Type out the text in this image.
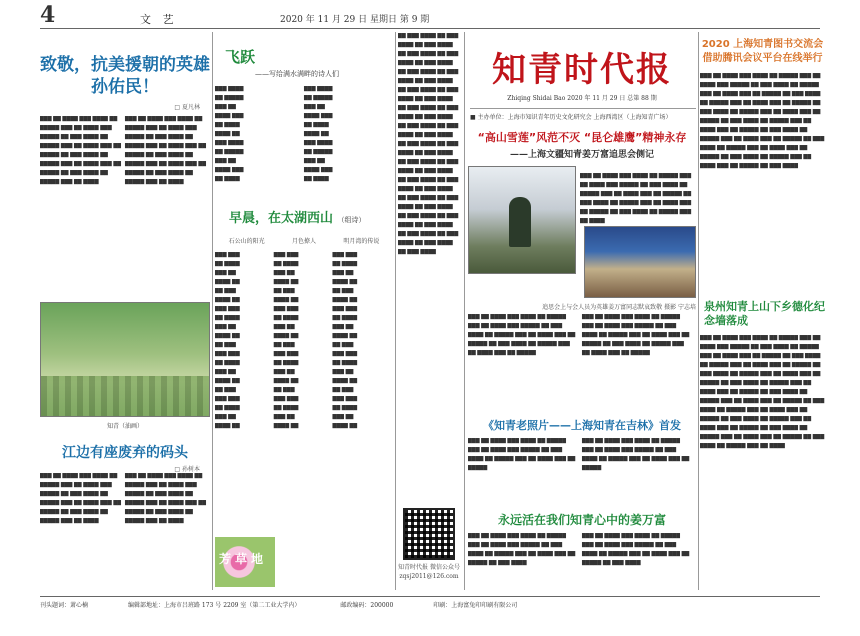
4	文 艺	2020 年 11 月 29 日 星期日 第 9 期
致敬，抗美援朝的英雄孙佑民！
□ 夏凡林
▇▇▇ ▇▇ ▇▇▇▇ ▇▇▇ ▇▇▇▇ ▇▇ ▇▇▇▇▇ ▇▇▇ ▇▇ ▇▇▇▇ ▇▇▇ ▇▇▇▇▇ ▇▇ ▇▇▇ ▇▇▇▇ ▇▇ ▇▇▇▇▇ ▇▇▇ ▇▇ ▇▇▇▇ ▇▇▇ ▇▇ ▇▇▇▇▇ ▇▇ ▇▇▇ ▇▇▇▇ ▇▇ ▇▇▇▇▇ ▇▇▇ ▇▇ ▇▇▇▇ ▇▇▇ ▇▇ ▇▇▇▇▇ ▇▇ ▇▇▇ ▇▇▇▇ ▇▇ ▇▇▇▇▇ ▇▇▇ ▇▇ ▇▇▇▇
▇▇▇ ▇▇ ▇▇▇▇ ▇▇▇ ▇▇▇▇ ▇▇ ▇▇▇▇▇ ▇▇▇ ▇▇ ▇▇▇▇ ▇▇▇ ▇▇▇▇▇ ▇▇ ▇▇▇ ▇▇▇▇ ▇▇ ▇▇▇▇▇ ▇▇▇ ▇▇ ▇▇▇▇ ▇▇▇ ▇▇ ▇▇▇▇▇ ▇▇ ▇▇▇ ▇▇▇▇ ▇▇ ▇▇▇▇▇ ▇▇▇ ▇▇ ▇▇▇▇ ▇▇▇ ▇▇ ▇▇▇▇▇ ▇▇ ▇▇▇ ▇▇▇▇ ▇▇ ▇▇▇▇▇ ▇▇▇ ▇▇ ▇▇▇▇
知青（油画）
江边有座废弃的码头
□ 孙树本
▇▇▇ ▇▇ ▇▇▇▇ ▇▇▇ ▇▇▇▇ ▇▇ ▇▇▇▇▇ ▇▇▇ ▇▇ ▇▇▇▇ ▇▇▇ ▇▇▇▇▇ ▇▇ ▇▇▇ ▇▇▇▇ ▇▇ ▇▇▇▇▇ ▇▇▇ ▇▇ ▇▇▇▇ ▇▇▇ ▇▇ ▇▇▇▇▇ ▇▇ ▇▇▇ ▇▇▇▇ ▇▇ ▇▇▇▇▇ ▇▇▇ ▇▇ ▇▇▇▇
▇▇▇ ▇▇ ▇▇▇▇ ▇▇▇ ▇▇▇▇ ▇▇ ▇▇▇▇▇ ▇▇▇ ▇▇ ▇▇▇▇ ▇▇▇ ▇▇▇▇▇ ▇▇ ▇▇▇ ▇▇▇▇ ▇▇ ▇▇▇▇▇ ▇▇▇ ▇▇ ▇▇▇▇ ▇▇▇ ▇▇ ▇▇▇▇▇ ▇▇ ▇▇▇ ▇▇▇▇ ▇▇ ▇▇▇▇▇ ▇▇▇ ▇▇ ▇▇▇▇
飞跃
——写给满水满畔的诗人们
▇▇▇ ▇▇▇▇
▇▇ ▇▇▇▇▇
▇▇▇ ▇▇
▇▇▇▇ ▇▇▇
▇▇ ▇▇▇▇
▇▇▇▇ ▇▇
▇▇▇ ▇▇▇▇
▇▇ ▇▇▇▇▇
▇▇▇ ▇▇
▇▇▇▇ ▇▇▇
▇▇ ▇▇▇▇
▇▇▇ ▇▇▇▇
▇▇ ▇▇▇▇▇
▇▇▇ ▇▇
▇▇▇▇ ▇▇▇
▇▇ ▇▇▇▇
▇▇▇▇ ▇▇
▇▇▇ ▇▇▇▇
▇▇ ▇▇▇▇▇
▇▇▇ ▇▇
▇▇▇▇ ▇▇▇
▇▇ ▇▇▇▇
早晨，在太湖西山 （组诗）
石公山的阳光	月色撩人	明月湾的传说
▇▇▇ ▇▇▇
▇▇ ▇▇▇▇
▇▇▇ ▇▇
▇▇▇▇ ▇▇
▇▇ ▇▇▇
▇▇▇▇ ▇▇
▇▇▇ ▇▇▇
▇▇ ▇▇▇▇
▇▇▇ ▇▇
▇▇▇▇ ▇▇
▇▇ ▇▇▇
▇▇▇ ▇▇▇
▇▇ ▇▇▇▇
▇▇▇ ▇▇
▇▇▇▇ ▇▇
▇▇ ▇▇▇
▇▇▇ ▇▇▇
▇▇ ▇▇▇▇
▇▇▇ ▇▇
▇▇▇▇ ▇▇
▇▇▇ ▇▇▇
▇▇ ▇▇▇▇
▇▇▇ ▇▇
▇▇▇▇ ▇▇
▇▇ ▇▇▇
▇▇▇▇ ▇▇
▇▇▇ ▇▇▇
▇▇ ▇▇▇▇
▇▇▇ ▇▇
▇▇▇▇ ▇▇
▇▇ ▇▇▇
▇▇▇ ▇▇▇
▇▇ ▇▇▇▇
▇▇▇ ▇▇
▇▇▇▇ ▇▇
▇▇ ▇▇▇
▇▇▇ ▇▇▇
▇▇ ▇▇▇▇
▇▇▇ ▇▇
▇▇▇▇ ▇▇
▇▇▇ ▇▇▇
▇▇ ▇▇▇▇
▇▇▇ ▇▇
▇▇▇▇ ▇▇
▇▇ ▇▇▇
▇▇▇▇ ▇▇
▇▇▇ ▇▇▇
▇▇ ▇▇▇▇
▇▇▇ ▇▇
▇▇▇▇ ▇▇
▇▇ ▇▇▇
▇▇▇ ▇▇▇
▇▇ ▇▇▇▇
▇▇▇ ▇▇
▇▇▇▇ ▇▇
▇▇ ▇▇▇
▇▇▇ ▇▇▇
▇▇ ▇▇▇▇
▇▇▇ ▇▇
▇▇▇▇ ▇▇
芳草地
▇▇ ▇▇▇ ▇▇▇▇ ▇▇ ▇▇▇ ▇▇▇▇ ▇▇ ▇▇▇ ▇▇▇▇ ▇▇ ▇▇▇ ▇▇▇▇ ▇▇ ▇▇▇ ▇▇▇▇ ▇▇ ▇▇▇ ▇▇▇▇ ▇▇ ▇▇▇ ▇▇▇▇ ▇▇ ▇▇▇ ▇▇▇▇ ▇▇ ▇▇▇ ▇▇▇▇ ▇▇ ▇▇▇ ▇▇▇▇ ▇▇ ▇▇▇ ▇▇▇▇ ▇▇ ▇▇▇ ▇▇▇▇ ▇▇ ▇▇▇ ▇▇▇▇ ▇▇ ▇▇▇ ▇▇▇▇ ▇▇ ▇▇▇ ▇▇▇▇ ▇▇ ▇▇▇ ▇▇▇▇ ▇▇ ▇▇▇ ▇▇▇▇ ▇▇ ▇▇▇ ▇▇▇▇ ▇▇ ▇▇▇ ▇▇▇▇ ▇▇ ▇▇▇ ▇▇▇▇ ▇▇ ▇▇▇ ▇▇▇▇ ▇▇ ▇▇▇ ▇▇▇▇ ▇▇ ▇▇▇ ▇▇▇▇ ▇▇ ▇▇▇ ▇▇▇▇ ▇▇ ▇▇▇ ▇▇▇▇ ▇▇ ▇▇▇ ▇▇▇▇ ▇▇ ▇▇▇ ▇▇▇▇ ▇▇ ▇▇▇ ▇▇▇▇ ▇▇ ▇▇▇ ▇▇▇▇ ▇▇ ▇▇▇ ▇▇▇▇ ▇▇ ▇▇▇ ▇▇▇▇ ▇▇ ▇▇▇ ▇▇▇▇ ▇▇ ▇▇▇ ▇▇▇▇ ▇▇ ▇▇▇ ▇▇▇▇ ▇▇ ▇▇▇ ▇▇▇▇ ▇▇ ▇▇▇ ▇▇▇▇ ▇▇ ▇▇▇ ▇▇▇▇
知青时代报 微信公众号
zqsj2011@126.com
知青时代报
Zhiqing Shidai Bao 2020 年 11 月 29 日 总第 88 期
■ 主办单位：上海市知识青年历史文化研究会 上海西湾区（上海知青广场）
“高山雪莲”风范不灭 “昆仑雄鹰”精神永存
——上海文疆知青姜万富追思会侧记
▇▇▇ ▇▇ ▇▇▇▇ ▇▇▇ ▇▇▇▇ ▇▇ ▇▇▇▇▇ ▇▇▇ ▇▇ ▇▇▇▇ ▇▇▇ ▇▇▇▇▇ ▇▇ ▇▇▇ ▇▇▇▇ ▇▇ ▇▇▇▇▇ ▇▇▇ ▇▇ ▇▇▇▇ ▇▇▇ ▇▇ ▇▇▇▇▇ ▇▇ ▇▇▇ ▇▇▇▇ ▇▇ ▇▇▇▇▇ ▇▇▇ ▇▇ ▇▇▇▇ ▇▇▇ ▇▇ ▇▇▇▇▇ ▇▇ ▇▇▇ ▇▇▇▇ ▇▇ ▇▇▇▇▇ ▇▇▇ ▇▇ ▇▇▇▇
追思会上与会人员为英雄姜万富同志默哀致敬 摄影 宁志培
▇▇▇ ▇▇ ▇▇▇▇ ▇▇▇ ▇▇▇▇ ▇▇ ▇▇▇▇▇ ▇▇▇ ▇▇ ▇▇▇▇ ▇▇▇ ▇▇▇▇▇ ▇▇ ▇▇▇ ▇▇▇▇ ▇▇ ▇▇▇▇▇ ▇▇▇ ▇▇ ▇▇▇▇ ▇▇▇ ▇▇ ▇▇▇▇▇ ▇▇ ▇▇▇ ▇▇▇▇ ▇▇ ▇▇▇▇▇ ▇▇▇ ▇▇ ▇▇▇▇ ▇▇▇ ▇▇ ▇▇▇▇▇
▇▇▇ ▇▇ ▇▇▇▇ ▇▇▇ ▇▇▇▇ ▇▇ ▇▇▇▇▇ ▇▇▇ ▇▇ ▇▇▇▇ ▇▇▇ ▇▇▇▇▇ ▇▇ ▇▇▇ ▇▇▇▇ ▇▇ ▇▇▇▇▇ ▇▇▇ ▇▇ ▇▇▇▇ ▇▇▇ ▇▇ ▇▇▇▇▇ ▇▇ ▇▇▇ ▇▇▇▇ ▇▇ ▇▇▇▇▇ ▇▇▇ ▇▇ ▇▇▇▇ ▇▇▇ ▇▇ ▇▇▇▇▇
《知青老照片——上海知青在吉林》首发
▇▇▇ ▇▇ ▇▇▇▇ ▇▇▇ ▇▇▇▇ ▇▇ ▇▇▇▇▇ ▇▇▇ ▇▇ ▇▇▇▇ ▇▇▇ ▇▇▇▇▇ ▇▇ ▇▇▇ ▇▇▇▇ ▇▇ ▇▇▇▇▇ ▇▇▇ ▇▇ ▇▇▇▇ ▇▇▇ ▇▇ ▇▇▇▇▇
▇▇▇ ▇▇ ▇▇▇▇ ▇▇▇ ▇▇▇▇ ▇▇ ▇▇▇▇▇ ▇▇▇ ▇▇ ▇▇▇▇ ▇▇▇ ▇▇▇▇▇ ▇▇ ▇▇▇ ▇▇▇▇ ▇▇ ▇▇▇▇▇ ▇▇▇ ▇▇ ▇▇▇▇ ▇▇▇ ▇▇ ▇▇▇▇▇
永远活在我们知青心中的姜万富
▇▇▇ ▇▇ ▇▇▇▇ ▇▇▇ ▇▇▇▇ ▇▇ ▇▇▇▇▇ ▇▇▇ ▇▇ ▇▇▇▇ ▇▇▇ ▇▇▇▇▇ ▇▇ ▇▇▇ ▇▇▇▇ ▇▇ ▇▇▇▇▇ ▇▇▇ ▇▇ ▇▇▇▇ ▇▇▇ ▇▇ ▇▇▇▇▇ ▇▇ ▇▇▇ ▇▇▇▇
▇▇▇ ▇▇ ▇▇▇▇ ▇▇▇ ▇▇▇▇ ▇▇ ▇▇▇▇▇ ▇▇▇ ▇▇ ▇▇▇▇ ▇▇▇ ▇▇▇▇▇ ▇▇ ▇▇▇ ▇▇▇▇ ▇▇ ▇▇▇▇▇ ▇▇▇ ▇▇ ▇▇▇▇ ▇▇▇ ▇▇ ▇▇▇▇▇ ▇▇ ▇▇▇ ▇▇▇▇
2020 上海知青图书交流会借助腾讯会议平台在线举行
▇▇▇ ▇▇ ▇▇▇▇ ▇▇▇ ▇▇▇▇ ▇▇ ▇▇▇▇▇ ▇▇▇ ▇▇ ▇▇▇▇ ▇▇▇ ▇▇▇▇▇ ▇▇ ▇▇▇ ▇▇▇▇ ▇▇ ▇▇▇▇▇ ▇▇▇ ▇▇ ▇▇▇▇ ▇▇▇ ▇▇ ▇▇▇▇▇ ▇▇ ▇▇▇ ▇▇▇▇ ▇▇ ▇▇▇▇▇ ▇▇▇ ▇▇ ▇▇▇▇ ▇▇▇ ▇▇ ▇▇▇▇▇ ▇▇ ▇▇▇ ▇▇▇▇ ▇▇ ▇▇▇▇▇ ▇▇▇ ▇▇ ▇▇▇▇ ▇▇▇ ▇▇ ▇▇▇▇▇ ▇▇ ▇▇▇ ▇▇▇▇ ▇▇ ▇▇▇▇▇ ▇▇▇ ▇▇ ▇▇▇▇ ▇▇▇ ▇▇ ▇▇▇▇▇ ▇▇ ▇▇▇ ▇▇▇▇ ▇▇ ▇▇▇▇▇ ▇▇▇ ▇▇ ▇▇▇▇ ▇▇▇ ▇▇ ▇▇▇▇▇ ▇▇ ▇▇▇ ▇▇▇▇ ▇▇ ▇▇▇▇▇ ▇▇▇ ▇▇ ▇▇▇▇ ▇▇▇ ▇▇ ▇▇▇▇▇ ▇▇ ▇▇▇ ▇▇▇▇ ▇▇ ▇▇▇▇▇ ▇▇▇ ▇▇ ▇▇▇▇ ▇▇▇ ▇▇ ▇▇▇▇▇ ▇▇ ▇▇▇ ▇▇▇▇
泉州知青上山下乡德化纪念墙落成
▇▇▇ ▇▇ ▇▇▇▇ ▇▇▇ ▇▇▇▇ ▇▇ ▇▇▇▇▇ ▇▇▇ ▇▇ ▇▇▇▇ ▇▇▇ ▇▇▇▇▇ ▇▇ ▇▇▇ ▇▇▇▇ ▇▇ ▇▇▇▇▇ ▇▇▇ ▇▇ ▇▇▇▇ ▇▇▇ ▇▇ ▇▇▇▇▇ ▇▇ ▇▇▇ ▇▇▇▇ ▇▇ ▇▇▇▇▇ ▇▇▇ ▇▇ ▇▇▇▇ ▇▇▇ ▇▇ ▇▇▇▇▇ ▇▇ ▇▇▇ ▇▇▇▇ ▇▇ ▇▇▇▇▇ ▇▇▇ ▇▇ ▇▇▇▇ ▇▇▇ ▇▇ ▇▇▇▇▇ ▇▇ ▇▇▇ ▇▇▇▇ ▇▇ ▇▇▇▇▇ ▇▇▇ ▇▇ ▇▇▇▇ ▇▇▇ ▇▇ ▇▇▇▇▇ ▇▇ ▇▇▇ ▇▇▇▇ ▇▇ ▇▇▇▇▇ ▇▇▇ ▇▇ ▇▇▇▇ ▇▇▇ ▇▇ ▇▇▇▇▇ ▇▇ ▇▇▇ ▇▇▇▇ ▇▇ ▇▇▇▇▇ ▇▇▇ ▇▇ ▇▇▇▇ ▇▇▇ ▇▇ ▇▇▇▇▇ ▇▇ ▇▇▇ ▇▇▇▇ ▇▇ ▇▇▇▇▇ ▇▇▇ ▇▇ ▇▇▇▇ ▇▇▇ ▇▇ ▇▇▇▇▇ ▇▇ ▇▇▇ ▇▇▇▇ ▇▇ ▇▇▇▇▇ ▇▇▇ ▇▇ ▇▇▇▇ ▇▇▇ ▇▇ ▇▇▇▇▇ ▇▇ ▇▇▇ ▇▇▇▇ ▇▇ ▇▇▇▇▇ ▇▇▇ ▇▇ ▇▇▇▇
刊头题词：萧心楠	编辑部地址：上海市吕班路 173 号 2209 室（第二工业大学内）	邮政编码：200000	印刷：上海富兔印印刷有限公司
